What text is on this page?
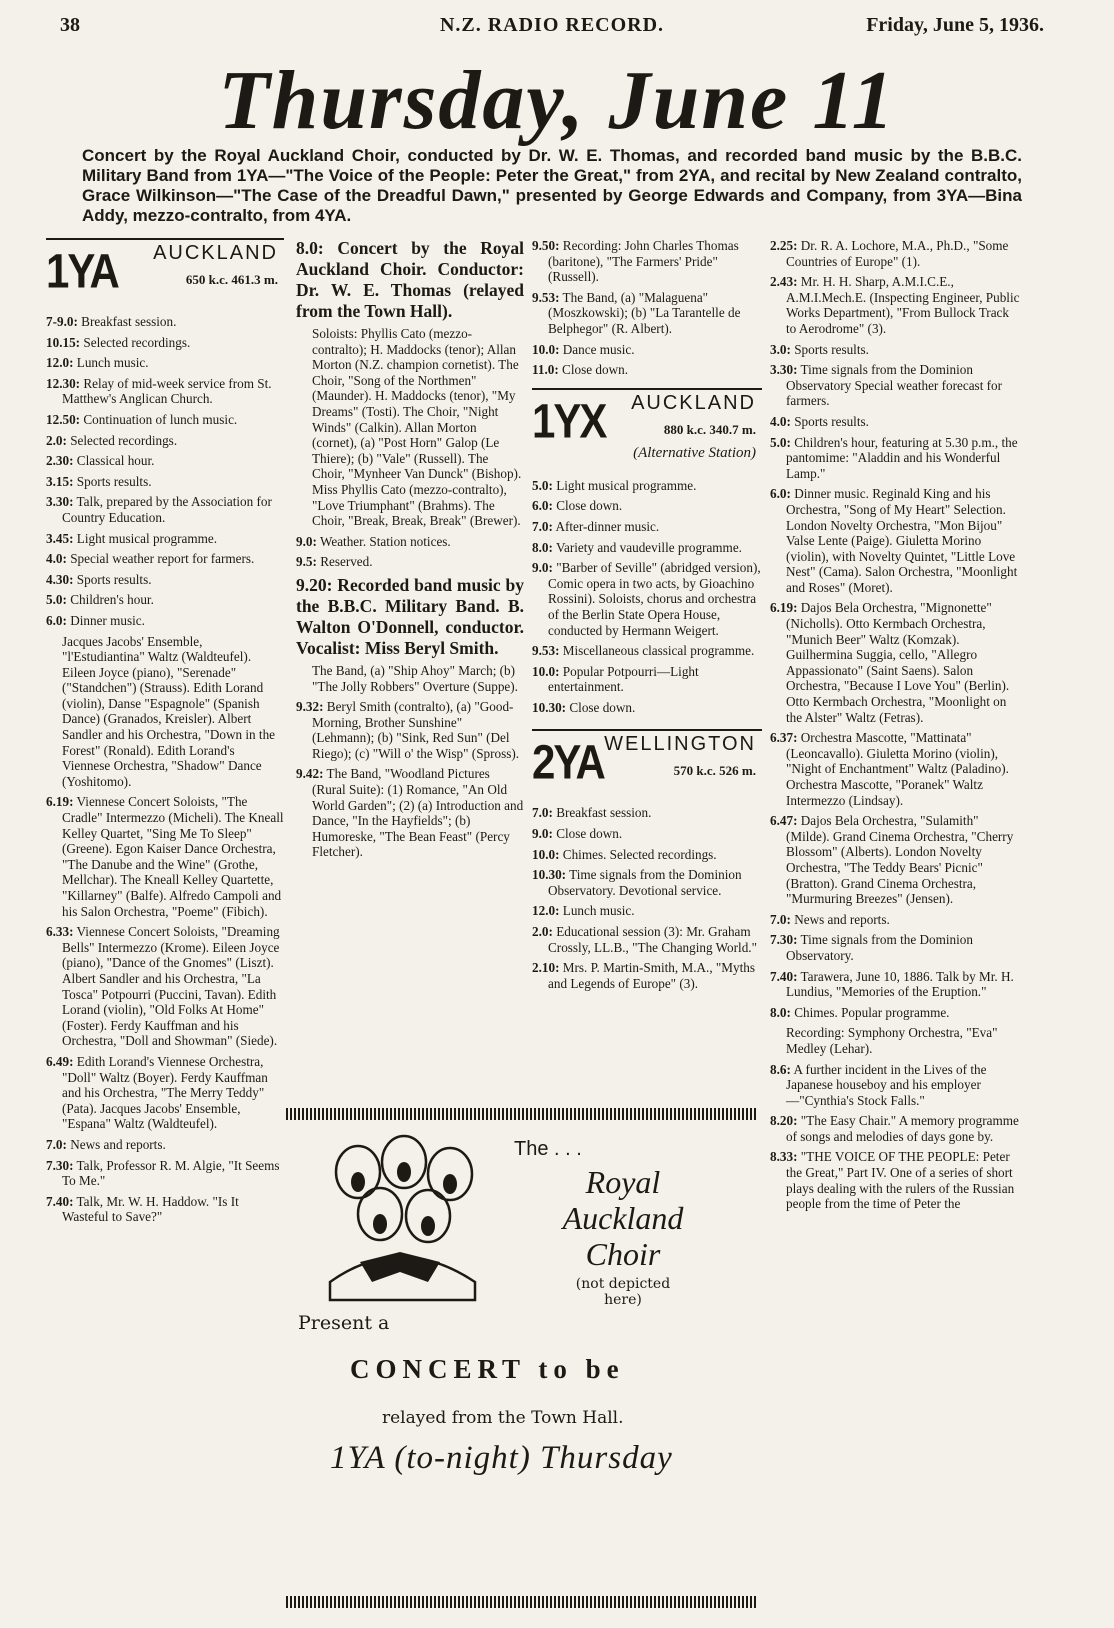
38	N.Z. RADIO RECORD.	Friday, June 5, 1936.
Thursday, June 11
Concert by the Royal Auckland Choir, conducted by Dr. W. E. Thomas, and recorded band music by the B.B.C. Military Band from 1YA—"The Voice of the People: Peter the Great," from 2YA, and recital by New Zealand contralto, Grace Wilkinson—"The Case of the Dreadful Dawn," presented by George Edwards and Company, from 3YA—Bina Addy, mezzo-contralto, from 4YA.
1YA AUCKLAND
650 k.c. 461.3 m.

7-9.0: Breakfast session.

10.15: Selected recordings.

12.0: Lunch music.

12.30: Relay of mid-week service from St. Matthew's Anglican Church.

12.50: Continuation of lunch music.

2.0: Selected recordings.

2.30: Classical hour.

3.15: Sports results.

3.30: Talk, prepared by the Association for Country Education.

3.45: Light musical programme.

4.0: Special weather report for farmers.

4.30: Sports results.

5.0: Children's hour.

6.0: Dinner music.

Jacques Jacobs' Ensemble, "l'Estudiantina" Waltz (Waldteufel). Eileen Joyce (piano), "Serenade" ("Standchen") (Strauss). Edith Lorand (violin), Danse "Espagnole" (Spanish Dance) (Granados, Kreisler). Albert Sandler and his Orchestra, "Down in the Forest" (Ronald). Edith Lorand's Viennese Orchestra, "Shadow" Dance (Yoshitomo).

6.19: Viennese Concert Soloists, "The Cradle" Intermezzo (Micheli). The Kneall Kelley Quartet, "Sing Me To Sleep" (Greene). Egon Kaiser Dance Orchestra, "The Danube and the Wine" (Grothe, Mellchar). The Kneall Kelley Quartette, "Killarney" (Balfe). Alfredo Campoli and his Salon Orchestra, "Poeme" (Fibich).

6.33: Viennese Concert Soloists, "Dreaming Bells" Intermezzo (Krome). Eileen Joyce (piano), "Dance of the Gnomes" (Liszt). Albert Sandler and his Orchestra, "La Tosca" Potpourri (Puccini, Tavan). Edith Lorand (violin), "Old Folks At Home" (Foster). Ferdy Kauffman and his Orchestra, "Doll and Showman" (Siede).

6.49: Edith Lorand's Viennese Orchestra, "Doll" Waltz (Boyer). Ferdy Kauffman and his Orchestra, "The Merry Teddy" (Pata). Jacques Jacobs' Ensemble, "Espana" Waltz (Waldteufel).

7.0: News and reports.

7.30: Talk, Professor R. M. Algie, "It Seems To Me."

7.40: Talk, Mr. W. H. Haddow. "Is It Wasteful to Save?"

8.0: Concert by the Royal Auckland Choir. Conductor: Dr. W. E. Thomas (relayed from the Town Hall).

Soloists: Phyllis Cato (mezzo-contralto); H. Maddocks (tenor); Allan Morton (N.Z. champion cornetist). The Choir, "Song of the Northmen" (Maunder). H. Maddocks (tenor), "My Dreams" (Tosti). The Choir, "Night Winds" (Calkin). Allan Morton (cornet), (a) "Post Horn" Galop (Le Thiere); (b) "Vale" (Russell). The Choir, "Mynheer Van Dunck" (Bishop). Miss Phyllis Cato (mezzo-contralto), "Love Triumphant" (Brahms). The Choir, "Break, Break, Break" (Brewer).

9.0: Weather. Station notices.

9.5: Reserved.

9.20: Recorded band music by the B.B.C. Military Band. B. Walton O'Donnell, conductor. Vocalist: Miss Beryl Smith.

The Band, (a) "Ship Ahoy" March; (b) "The Jolly Robbers" Overture (Suppe).

9.32: Beryl Smith (contralto), (a) "Good-Morning, Brother Sunshine" (Lehmann); (b) "Sink, Red Sun" (Del Riego); (c) "Will o' the Wisp" (Spross).

9.42: The Band, "Woodland Pictures (Rural Suite): (1) Romance, "An Old World Garden"; (2) (a) Introduction and Dance, "In the Hayfields"; (b) Humoreske, "The Bean Feast" (Percy Fletcher).

9.50: Recording: John Charles Thomas (baritone), "The Farmers' Pride" (Russell).

9.53: The Band, (a) "Malaguena" (Moszkowski); (b) "La Tarantelle de Belphegor" (R. Albert).

10.0: Dance music.

11.0: Close down.

1YX AUCKLAND
880 k.c. 340.7 m.
(Alternative Station)

5.0: Light musical programme.

6.0: Close down.

7.0: After-dinner music.

8.0: Variety and vaudeville programme.

9.0: "Barber of Seville" (abridged version), Comic opera in two acts, by Gioachino Rossini). Soloists, chorus and orchestra of the Berlin State Opera House, conducted by Hermann Weigert.

9.53: Miscellaneous classical programme.

10.0: Popular Potpourri—Light entertainment.

10.30: Close down.

2YA WELLINGTON
570 k.c. 526 m.

7.0: Breakfast session.

9.0: Close down.

10.0: Chimes. Selected recordings.

10.30: Time signals from the Dominion Observatory. Devotional service.

12.0: Lunch music.

2.0: Educational session (3): Mr. Graham Crossly, LL.B., "The Changing World."

2.10: Mrs. P. Martin-Smith, M.A., "Myths and Legends of Europe" (3).

2.25: Dr. R. A. Lochore, M.A., Ph.D., "Some Countries of Europe" (1).

2.43: Mr. H. H. Sharp, A.M.I.C.E., A.M.I.Mech.E. (Inspecting Engineer, Public Works Department), "From Bullock Track to Aerodrome" (3).

3.0: Sports results.

3.30: Time signals from the Dominion Observatory Special weather forecast for farmers.

4.0: Sports results.

5.0: Children's hour, featuring at 5.30 p.m., the pantomime: "Aladdin and his Wonderful Lamp."

6.0: Dinner music. Reginald King and his Orchestra, "Song of My Heart" Selection. London Novelty Orchestra, "Mon Bijou" Valse Lente (Paige). Giuletta Morino (violin), with Novelty Quintet, "Little Love Nest" (Cama). Salon Orchestra, "Moonlight and Roses" (Moret).

6.19: Dajos Bela Orchestra, "Mignonette" (Nicholls). Otto Kermbach Orchestra, "Munich Beer" Waltz (Komzak). Guilhermina Suggia, cello, "Allegro Appassionato" (Saint Saens). Salon Orchestra, "Because I Love You" (Berlin). Otto Kermbach Orchestra, "Moonlight on the Alster" Waltz (Fetras).

6.37: Orchestra Mascotte, "Mattinata" (Leoncavallo). Giuletta Morino (violin), "Night of Enchantment" Waltz (Paladino). Orchestra Mascotte, "Poranek" Waltz Intermezzo (Lindsay).

6.47: Dajos Bela Orchestra, "Sulamith" (Milde). Grand Cinema Orchestra, "Cherry Blossom" (Alberts). London Novelty Orchestra, "The Teddy Bears' Picnic" (Bratton). Grand Cinema Orchestra, "Murmuring Breezes" (Jensen).

7.0: News and reports.

7.30: Time signals from the Dominion Observatory.

7.40: Tarawera, June 10, 1886. Talk by Mr. H. Lundius, "Memories of the Eruption."

8.0: Chimes. Popular programme.

Recording: Symphony Orchestra, "Eva" Medley (Lehar).

8.6: A further incident in the Lives of the Japanese houseboy and his employer—"Cynthia's Stock Falls."

8.20: "The Easy Chair." A memory programme of songs and melodies of days gone by.

8.33: "THE VOICE OF THE PEOPLE: Peter the Great," Part IV. One of a series of short plays dealing with the rulers of the Russian people from the time of Peter the

The . . .
Royal Auckland Choir
(not depicted here)
Present a
CONCERT to be
relayed from the Town Hall.
1YA (to-night) Thursday
